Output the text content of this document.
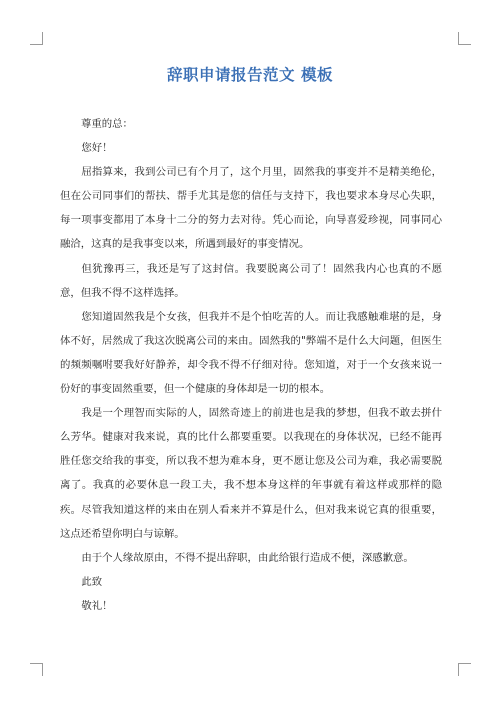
辞职申请报告范文 模板

尊重的总：

您好！

屈指算来，我到公司已有个月了，这个月里，固然我的事变并不是精美绝伦，但在公司同事们的帮扶、帮手尤其是您的信任与支持下，我也要求本身尽心失职，每一项事变都用了本身十二分的努力去对待。凭心而论，向导喜爱珍视，同事同心融洽，这真的是我事变以来，所遇到最好的事变情况。

但犹豫再三，我还是写了这封信。我要脱离公司了！固然我内心也真的不愿意，但我不得不这样选择。

您知道固然我是个女孩，但我并不是个怕吃苦的人。而让我感触难堪的是，身体不好，居然成了我这次脱离公司的来由。固然我的"弊端不是什么大问题，但医生的频频嘱咐要我好好静养，却令我不得不仔细对待。您知道，对于一个女孩来说一份好的事变固然重要，但一个健康的身体却是一切的根本。

我是一个理智而实际的人，固然奇迹上的前进也是我的梦想，但我不敢去拼什么芳华。健康对我来说，真的比什么都要重要。以我现在的身体状况，已经不能再胜任您交给我的事变，所以我不想为难本身，更不愿让您及公司为难，我必需要脱离了。我真的必要休息一段工夫，我不想本身这样的年事就有着这样或那样的隐疾。尽管我知道这样的来由在别人看来并不算是什么，但对我来说它真的很重要，这点还希望你明白与谅解。

由于个人缘故原由，不得不提出辞职，由此给银行造成不便，深感歉意。

此致

敬礼！
